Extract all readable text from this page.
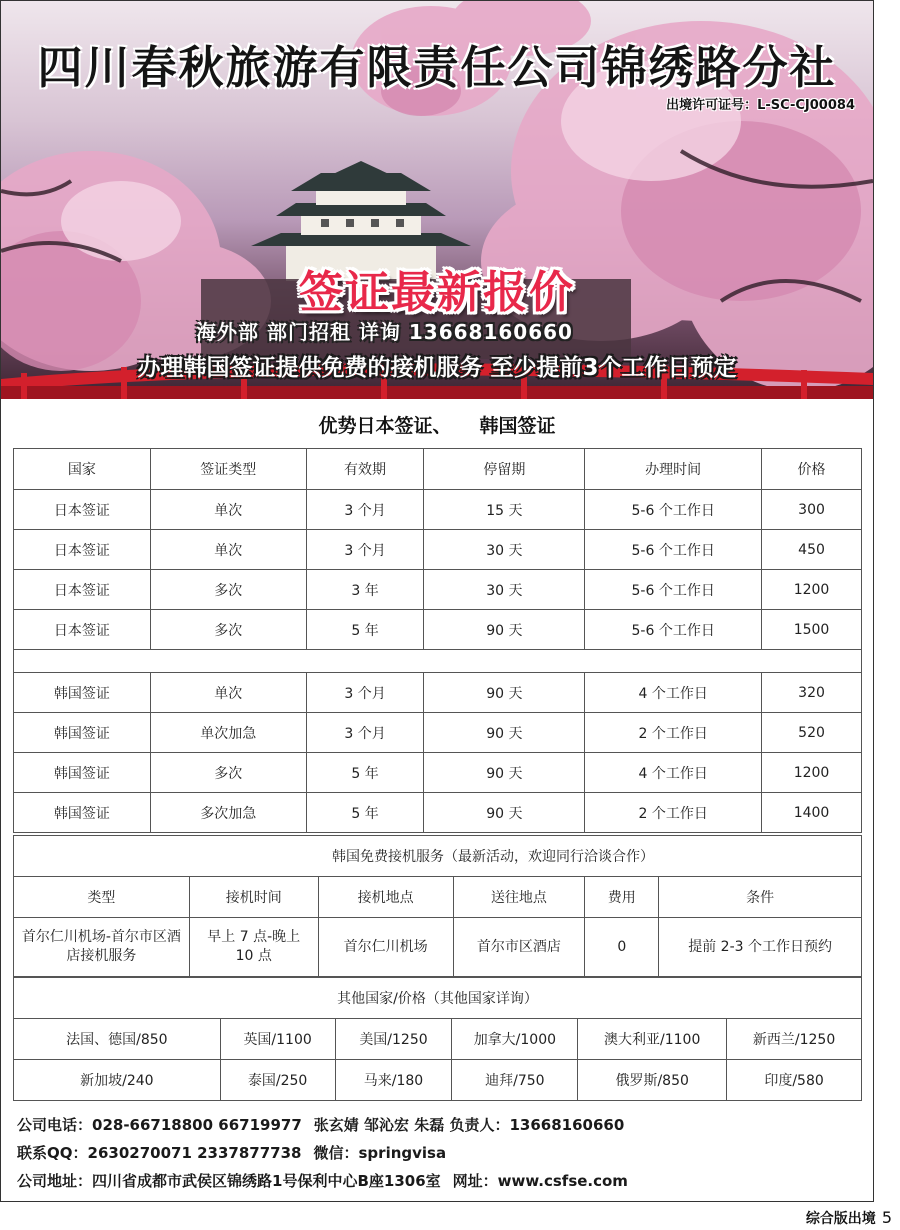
四川春秋旅游有限责任公司锦绣路分社
出境许可证号：L-SC-CJ00084
签证最新报价
海外部 部门招租 详询 13668160660
办理韩国签证提供免费的接机服务 至少提前3个工作日预定
优势日本签证、 韩国签证
国家	签证类型	有效期	停留期	办理时间	价格
日本签证	单次	3 个月	15 天	5-6 个工作日	300
日本签证	单次	3 个月	30 天	5-6 个工作日	450
日本签证	多次	3 年	30 天	5-6 个工作日	1200
日本签证	多次	5 年	90 天	5-6 个工作日	1500

韩国签证	单次	3 个月	90 天	4 个工作日	320
韩国签证	单次加急	3 个月	90 天	2 个工作日	520
韩国签证	多次	5 年	90 天	4 个工作日	1200
韩国签证	多次加急	5 年	90 天	2 个工作日	1400
韩国免费接机服务（最新活动，欢迎同行洽谈合作）					
类型	接机时间	接机地点	送往地点	费用	条件
首尔仁川机场-首尔市区酒店接机服务	早上 7 点-晚上 10 点	首尔仁川机场	首尔市区酒店	0	提前 2-3 个工作日预约
其他国家/价格（其他国家详询）					
法国、德国/850	英国/1100	美国/1250	加拿大/1000	澳大利亚/1100	新西兰/1250
新加坡/240	泰国/250	马来/180	迪拜/750	俄罗斯/850	印度/580
公司电话：028-66718800 66719977 张玄婧 邹沁宏 朱磊 负责人：13668160660
联系QQ：2630270071 2337877738 微信：springvisa
公司地址：四川省成都市武侯区锦绣路1号保利中心B座1306室 网址：www.csfse.com
综合版出境 5
